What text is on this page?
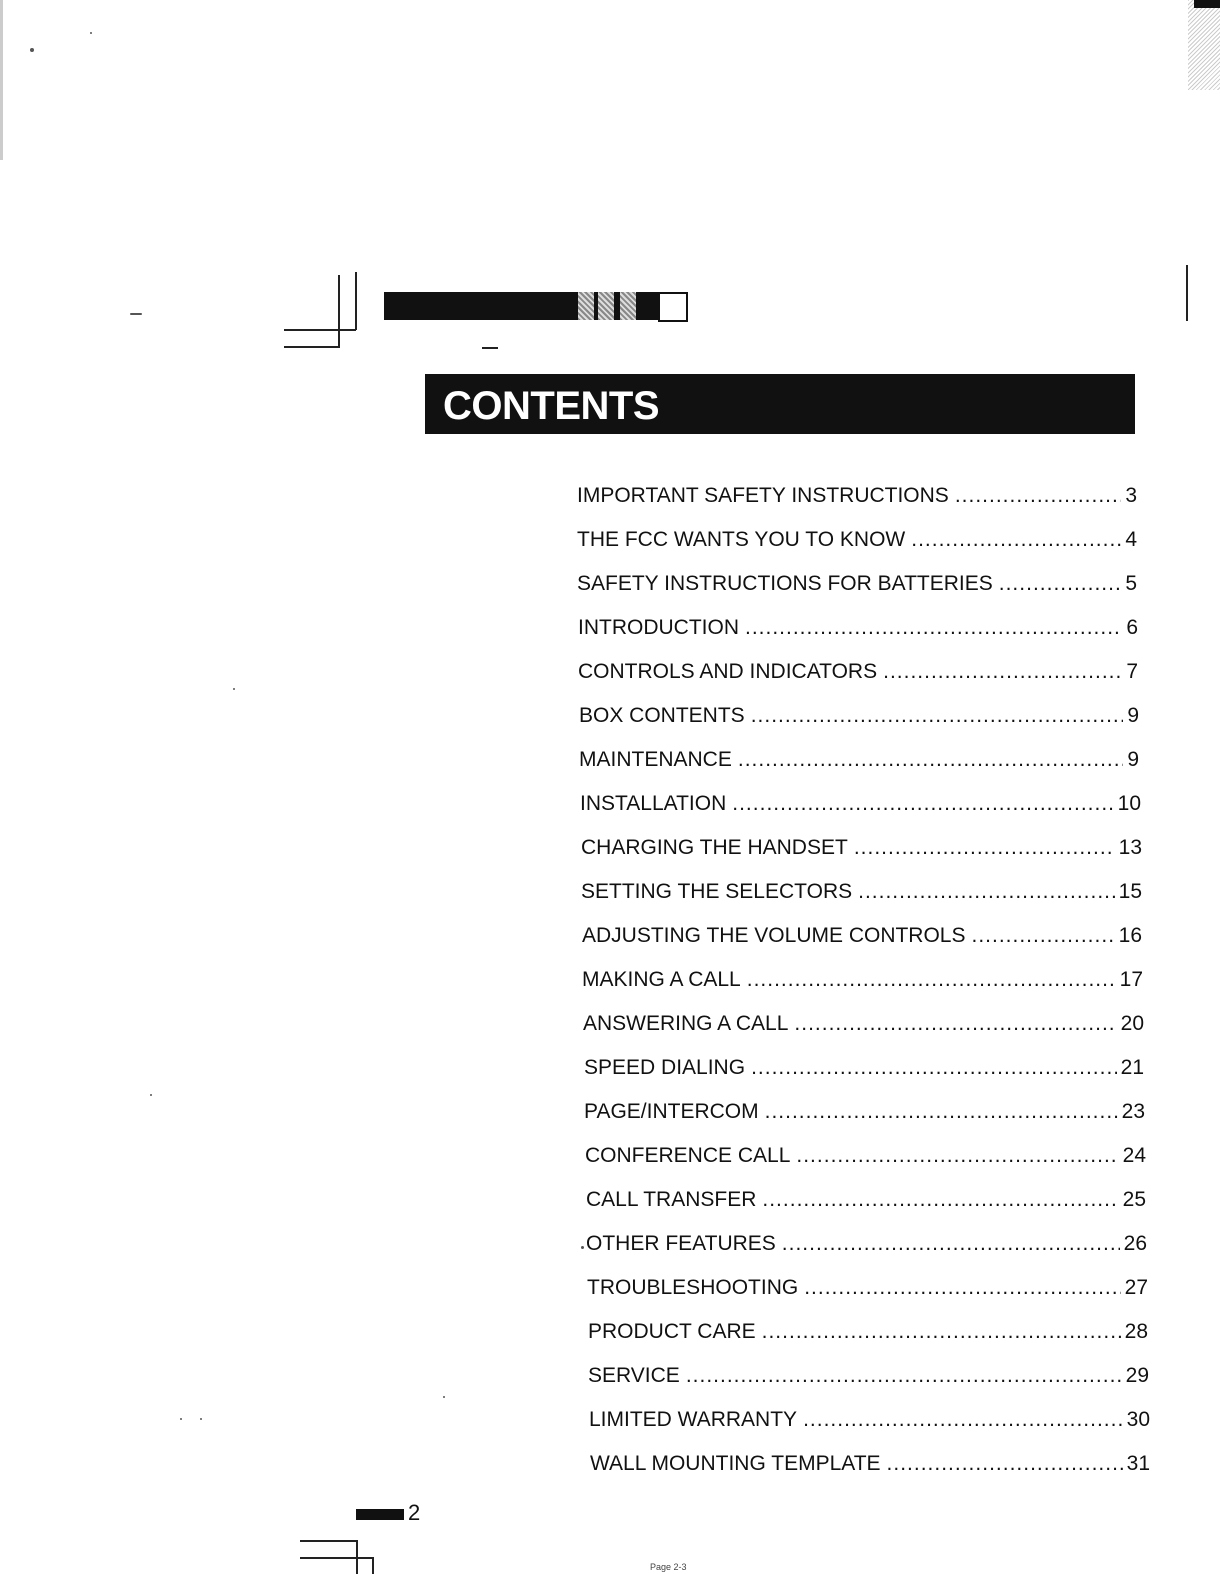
CONTENTS
IMPORTANT SAFETY INSTRUCTIONS .....	3
THE FCC WANTS YOU TO KNOW .....	4
SAFETY INSTRUCTIONS FOR BATTERIES .....	5
INTRODUCTION .....	6
CONTROLS AND INDICATORS .....	7
BOX CONTENTS .....	9
MAINTENANCE .....	9
INSTALLATION .....	10
CHARGING THE HANDSET .....	13
SETTING THE SELECTORS .....	15
ADJUSTING THE VOLUME CONTROLS .....	16
MAKING A CALL .....	17
ANSWERING A CALL .....	20
SPEED DIALING .....	21
PAGE/INTERCOM .....	23
CONFERENCE CALL .....	24
CALL TRANSFER .....	25
OTHER FEATURES .....	26
TROUBLESHOOTING .....	27
PRODUCT CARE .....	28
SERVICE .....	29
LIMITED WARRANTY .....	30
WALL MOUNTING TEMPLATE .....	31
2
Page 2-3
